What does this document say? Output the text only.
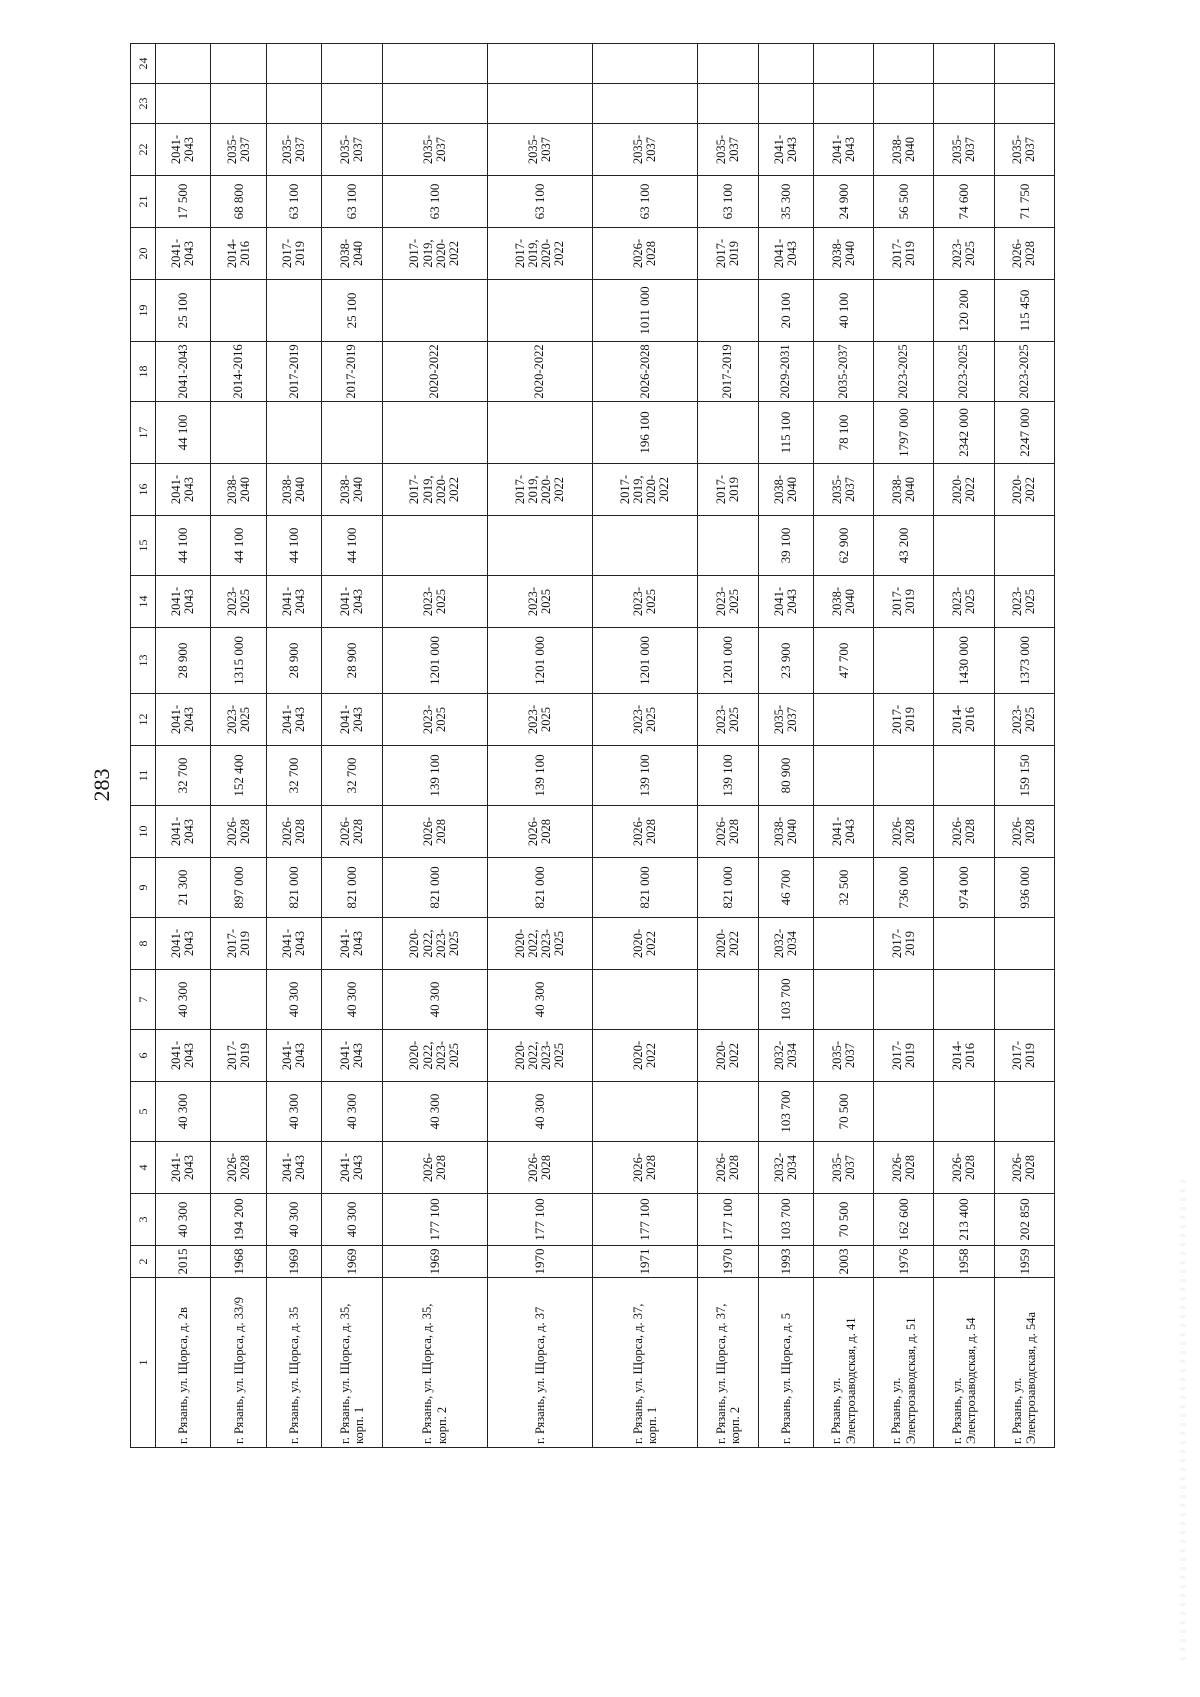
283
1	2	3	4	5	6	7	8	9	10	11	12	13	14	15	16	17	18	19	20	21	22	23	24
г. Рязань, ул. Щорса, д. 2в	2015	40 300	2041-2043	40 300	2041-2043	40 300	2041-2043	21 300	2041-2043	32 700	2041-2043	28 900	2041-2043	44 100	2041-2043	44 100	2041-2043	25 100	2041-2043	17 500	2041-2043		
г. Рязань, ул. Щорса, д. 33/9	1968	194 200	2026-2028		2017-2019		2017-2019	897 000	2026-2028	152 400	2023-2025	1315 000	2023-2025	44 100	2038-2040		2014-2016		2014-2016	68 800	2035-2037		
г. Рязань, ул. Щорса, д. 35	1969	40 300	2041-2043	40 300	2041-2043	40 300	2041-2043	821 000	2026-2028	32 700	2041-2043	28 900	2041-2043	44 100	2038-2040		2017-2019		2017-2019	63 100	2035-2037		
г. Рязань, ул. Щорса, д. 35, корп. 1	1969	40 300	2041-2043	40 300	2041-2043	40 300	2041-2043	821 000	2026-2028	32 700	2041-2043	28 900	2041-2043	44 100	2038-2040		2017-2019	25 100	2038-2040	63 100	2035-2037		
г. Рязань, ул. Щорса, д. 35, корп. 2	1969	177 100	2026-2028	40 300	2020-2022, 2023-2025	40 300	2020-2022, 2023-2025	821 000	2026-2028	139 100	2023-2025	1201 000	2023-2025		2017-2019, 2020-2022		2020-2022		2017-2019, 2020-2022	63 100	2035-2037		
г. Рязань, ул. Щорса, д. 37	1970	177 100	2026-2028	40 300	2020-2022, 2023-2025	40 300	2020-2022, 2023-2025	821 000	2026-2028	139 100	2023-2025	1201 000	2023-2025		2017-2019, 2020-2022		2020-2022		2017-2019, 2020-2022	63 100	2035-2037		
г. Рязань, ул. Щорса, д. 37, корп. 1	1971	177 100	2026-2028		2020-2022		2020-2022	821 000	2026-2028	139 100	2023-2025	1201 000	2023-2025		2017-2019, 2020-2022	196 100	2026-2028	1011 000	2026-2028	63 100	2035-2037		
г. Рязань, ул. Щорса, д. 37, корп. 2	1970	177 100	2026-2028		2020-2022		2020-2022	821 000	2026-2028	139 100	2023-2025	1201 000	2023-2025		2017-2019		2017-2019		2017-2019	63 100	2035-2037		
г. Рязань, ул. Щорса, д. 5	1993	103 700	2032-2034	103 700	2032-2034	103 700	2032-2034	46 700	2038-2040	80 900	2035-2037	23 900	2041-2043	39 100	2038-2040	115 100	2029-2031	20 100	2041-2043	35 300	2041-2043		
г. Рязань, ул. Электрозаводская, д. 41	2003	70 500	2035-2037	70 500	2035-2037			32 500	2041-2043			47 700	2038-2040	62 900	2035-2037	78 100	2035-2037	40 100	2038-2040	24 900	2041-2043		
г. Рязань, ул. Электрозаводская, д. 51	1976	162 600	2026-2028		2017-2019		2017-2019	736 000	2026-2028		2017-2019		2017-2019	43 200	2038-2040	1797 000	2023-2025		2017-2019	56 500	2038-2040		
г. Рязань, ул. Электрозаводская, д. 54	1958	213 400	2026-2028		2014-2016			974 000	2026-2028		2014-2016	1430 000	2023-2025		2020-2022	2342 000	2023-2025	120 200	2023-2025	74 600	2035-2037		
г. Рязань, ул. Электрозаводская, д. 54а	1959	202 850	2026-2028		2017-2019			936 000	2026-2028	159 150	2023-2025	1373 000	2023-2025		2020-2022	2247 000	2023-2025	115 450	2026-2028	71 750	2035-2037		
